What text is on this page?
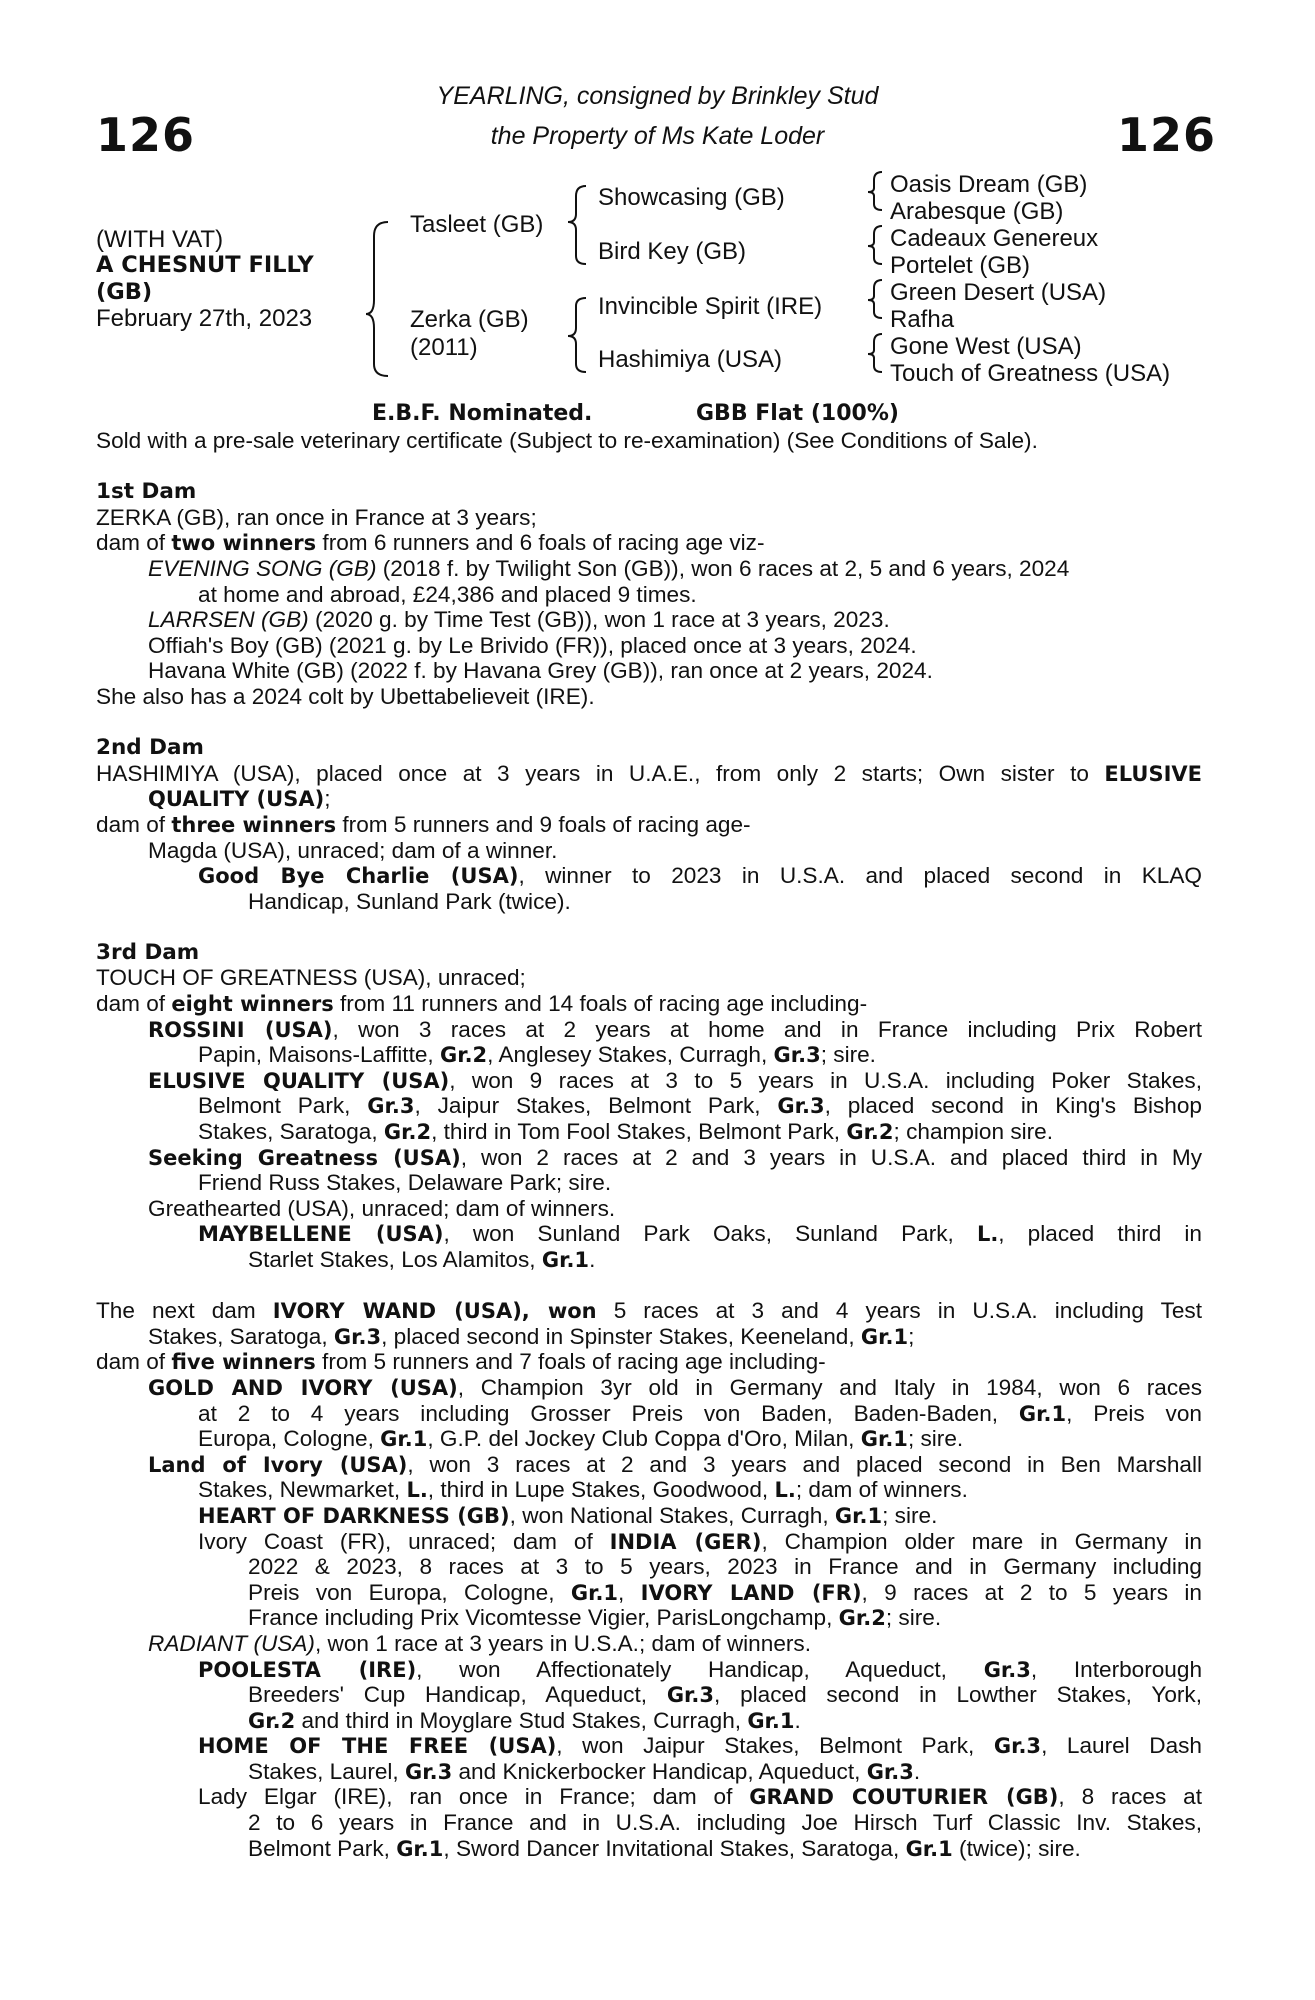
126	126
YEARLING, consigned by Brinkley Stud
the Property of Ms Kate Loder
(WITH VAT)
A CHESNUT FILLY
(GB)
February 27th, 2023
Tasleet (GB)
Zerka (GB)
(2011)
Showcasing (GB)
Bird Key (GB)
Invincible Spirit (IRE)
Hashimiya (USA)
Oasis Dream (GB)
Arabesque (GB)
Cadeaux Genereux
Portelet (GB)
Green Desert (USA)
Rafha
Gone West (USA)
Touch of Greatness (USA)
E.B.F. Nominated.	GBB Flat (100%)
Sold with a pre-sale veterinary certificate (Subject to re-examination) (See Conditions of Sale).
1st Dam
ZERKA (GB), ran once in France at 3 years;
dam of two winners from 6 runners and 6 foals of racing age viz-
EVENING SONG (GB) (2018 f. by Twilight Son (GB)), won 6 races at 2, 5 and 6 years, 2024
at home and abroad, £24,386 and placed 9 times.
LARRSEN (GB) (2020 g. by Time Test (GB)), won 1 race at 3 years, 2023.
Offiah's Boy (GB) (2021 g. by Le Brivido (FR)), placed once at 3 years, 2024.
Havana White (GB) (2022 f. by Havana Grey (GB)), ran once at 2 years, 2024.
She also has a 2024 colt by Ubettabelieveit (IRE).
2nd Dam
HASHIMIYA (USA), placed once at 3 years in U.A.E., from only 2 starts; Own sister to ELUSIVE
QUALITY (USA);
dam of three winners from 5 runners and 9 foals of racing age-
Magda (USA), unraced; dam of a winner.
Good Bye Charlie (USA), winner to 2023 in U.S.A. and placed second in KLAQ
Handicap, Sunland Park (twice).
3rd Dam
TOUCH OF GREATNESS (USA), unraced;
dam of eight winners from 11 runners and 14 foals of racing age including-
ROSSINI (USA), won 3 races at 2 years at home and in France including Prix Robert
Papin, Maisons-Laffitte, Gr.2, Anglesey Stakes, Curragh, Gr.3; sire.
ELUSIVE QUALITY (USA), won 9 races at 3 to 5 years in U.S.A. including Poker Stakes,
Belmont Park, Gr.3, Jaipur Stakes, Belmont Park, Gr.3, placed second in King's Bishop
Stakes, Saratoga, Gr.2, third in Tom Fool Stakes, Belmont Park, Gr.2; champion sire.
Seeking Greatness (USA), won 2 races at 2 and 3 years in U.S.A. and placed third in My
Friend Russ Stakes, Delaware Park; sire.
Greathearted (USA), unraced; dam of winners.
MAYBELLENE (USA), won Sunland Park Oaks, Sunland Park, L., placed third in
Starlet Stakes, Los Alamitos, Gr.1.
The next dam IVORY WAND (USA), won 5 races at 3 and 4 years in U.S.A. including Test
Stakes, Saratoga, Gr.3, placed second in Spinster Stakes, Keeneland, Gr.1;
dam of five winners from 5 runners and 7 foals of racing age including-
GOLD AND IVORY (USA), Champion 3yr old in Germany and Italy in 1984, won 6 races
at 2 to 4 years including Grosser Preis von Baden, Baden-Baden, Gr.1, Preis von
Europa, Cologne, Gr.1, G.P. del Jockey Club Coppa d'Oro, Milan, Gr.1; sire.
Land of Ivory (USA), won 3 races at 2 and 3 years and placed second in Ben Marshall
Stakes, Newmarket, L., third in Lupe Stakes, Goodwood, L.; dam of winners.
HEART OF DARKNESS (GB), won National Stakes, Curragh, Gr.1; sire.
Ivory Coast (FR), unraced; dam of INDIA (GER), Champion older mare in Germany in
2022 & 2023, 8 races at 3 to 5 years, 2023 in France and in Germany including
Preis von Europa, Cologne, Gr.1, IVORY LAND (FR), 9 races at 2 to 5 years in
France including Prix Vicomtesse Vigier, ParisLongchamp, Gr.2; sire.
RADIANT (USA), won 1 race at 3 years in U.S.A.; dam of winners.
POOLESTA (IRE), won Affectionately Handicap, Aqueduct, Gr.3, Interborough
Breeders' Cup Handicap, Aqueduct, Gr.3, placed second in Lowther Stakes, York,
Gr.2 and third in Moyglare Stud Stakes, Curragh, Gr.1.
HOME OF THE FREE (USA), won Jaipur Stakes, Belmont Park, Gr.3, Laurel Dash
Stakes, Laurel, Gr.3 and Knickerbocker Handicap, Aqueduct, Gr.3.
Lady Elgar (IRE), ran once in France; dam of GRAND COUTURIER (GB), 8 races at
2 to 6 years in France and in U.S.A. including Joe Hirsch Turf Classic Inv. Stakes,
Belmont Park, Gr.1, Sword Dancer Invitational Stakes, Saratoga, Gr.1 (twice); sire.
